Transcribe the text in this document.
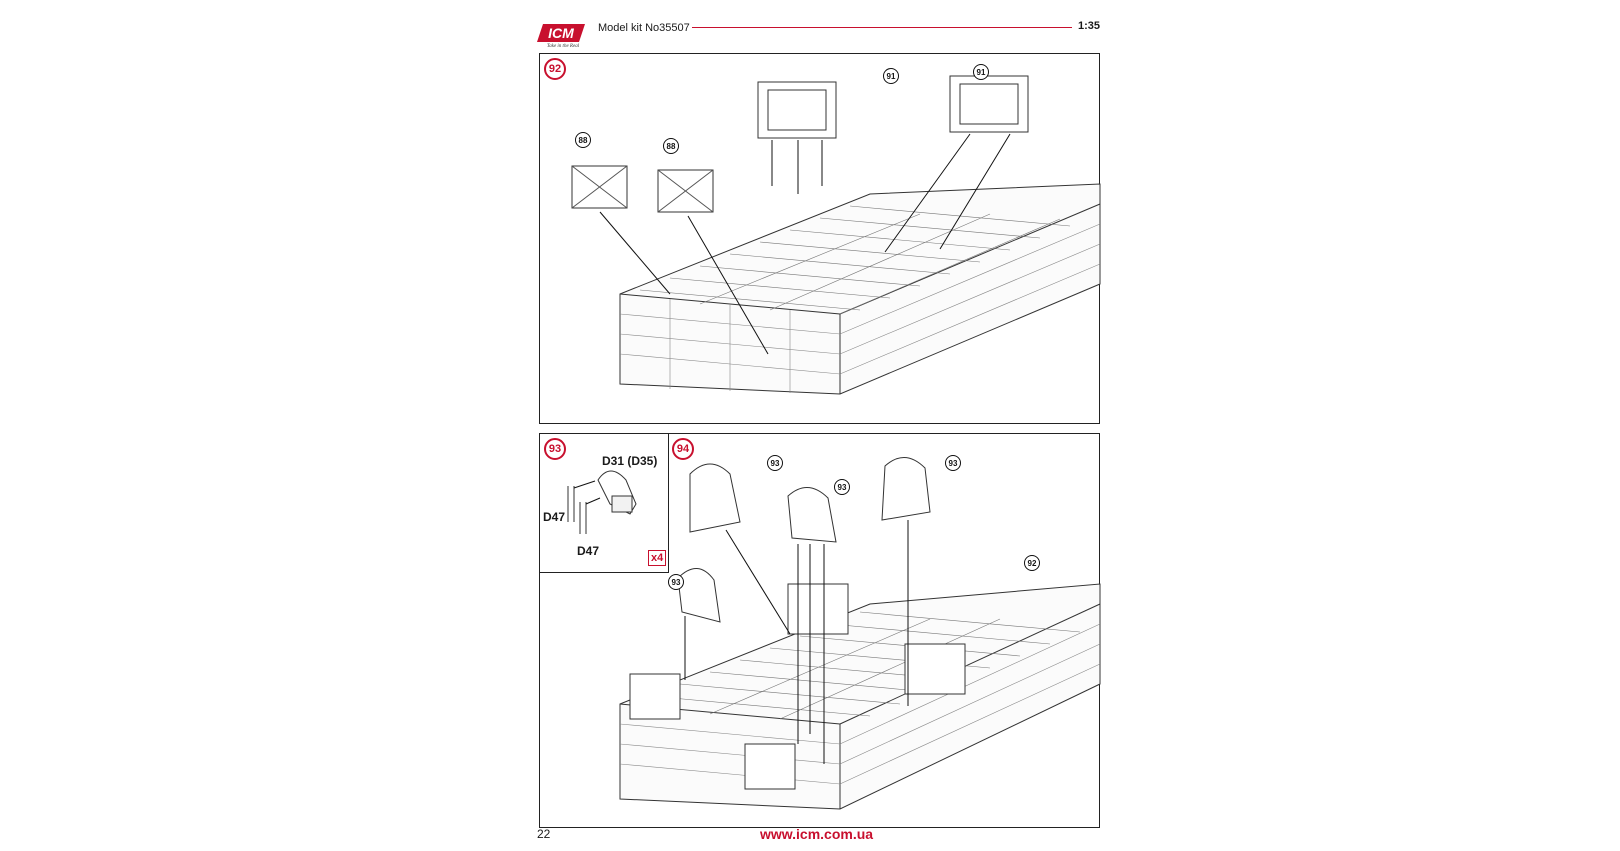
ICM
Take in the Real
Model kit No35507	1:35
92
88
88
91	91
93
D31 (D35)
D47
D47	x4
94
93
93
93
93
92
22	www.icm.com.ua
